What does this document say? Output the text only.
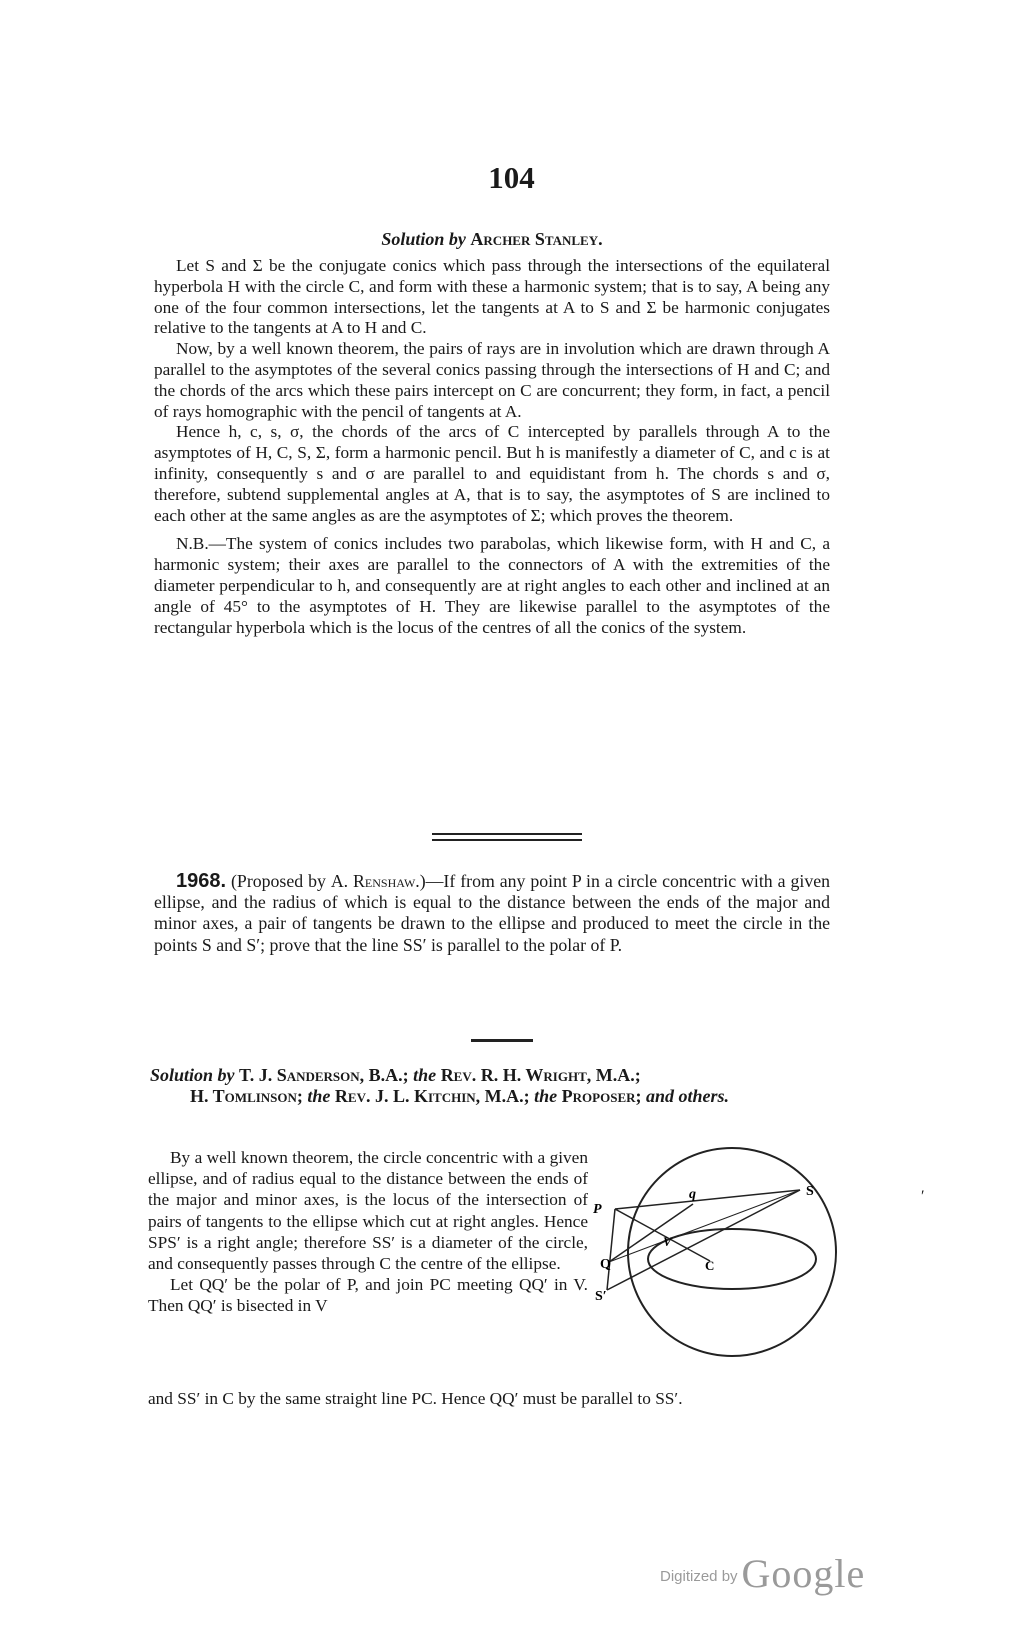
104
Solution by Archer Stanley.

Let S and Σ be the conjugate conics which pass through the intersections of the equilateral hyperbola H with the circle C, and form with these a harmonic system; that is to say, A being any one of the four common intersections, let the tangents at A to S and Σ be harmonic conjugates relative to the tangents at A to H and C.

Now, by a well known theorem, the pairs of rays are in involution which are drawn through A parallel to the asymptotes of the several conics passing through the intersections of H and C; and the chords of the arcs which these pairs intercept on C are concurrent; they form, in fact, a pencil of rays homographic with the pencil of tangents at A.

Hence h, c, s, σ, the chords of the arcs of C intercepted by parallels through A to the asymptotes of H, C, S, Σ, form a harmonic pencil. But h is manifestly a diameter of C, and c is at infinity, consequently s and σ are parallel to and equidistant from h. The chords s and σ, therefore, subtend supplemental angles at A, that is to say, the asymptotes of S are inclined to each other at the same angles as are the asymptotes of Σ; which proves the theorem.

N.B.—The system of conics includes two parabolas, which likewise form, with H and C, a harmonic system; their axes are parallel to the connectors of A with the extremities of the diameter perpendicular to h, and consequently are at right angles to each other and inclined at an angle of 45° to the asymptotes of H. They are likewise parallel to the asymptotes of the rectangular hyperbola which is the locus of the centres of all the conics of the system.

1968. (Proposed by A. Renshaw.)—If from any point P in a circle concentric with a given ellipse, and the radius of which is equal to the distance between the ends of the major and minor axes, a pair of tangents be drawn to the ellipse and produced to meet the circle in the points S and S′; prove that the line SS′ is parallel to the polar of P.

Solution by T. J. Sanderson, B.A.; the Rev. R. H. Wright, M.A.;
H. Tomlinson; the Rev. J. L. Kitchin, M.A.; the Proposer; and others.

By a well known theorem, the circle concentric with a given ellipse, and of radius equal to the distance between the ends of the major and minor axes, is the locus of the intersection of pairs of tangents to the ellipse which cut at right angles. Hence SPS′ is a right angle; therefore SS′ is a diameter of the circle, and consequently passes through C the centre of the ellipse.

Let QQ′ be the polar of P, and join PC meeting QQ′ in V. Then QQ′ is bisected in V

and SS′ in C by the same straight line PC. Hence QQ′ must be parallel to SS′.
P
q	S
Q
S′
V
C
′
Digitized by Google
